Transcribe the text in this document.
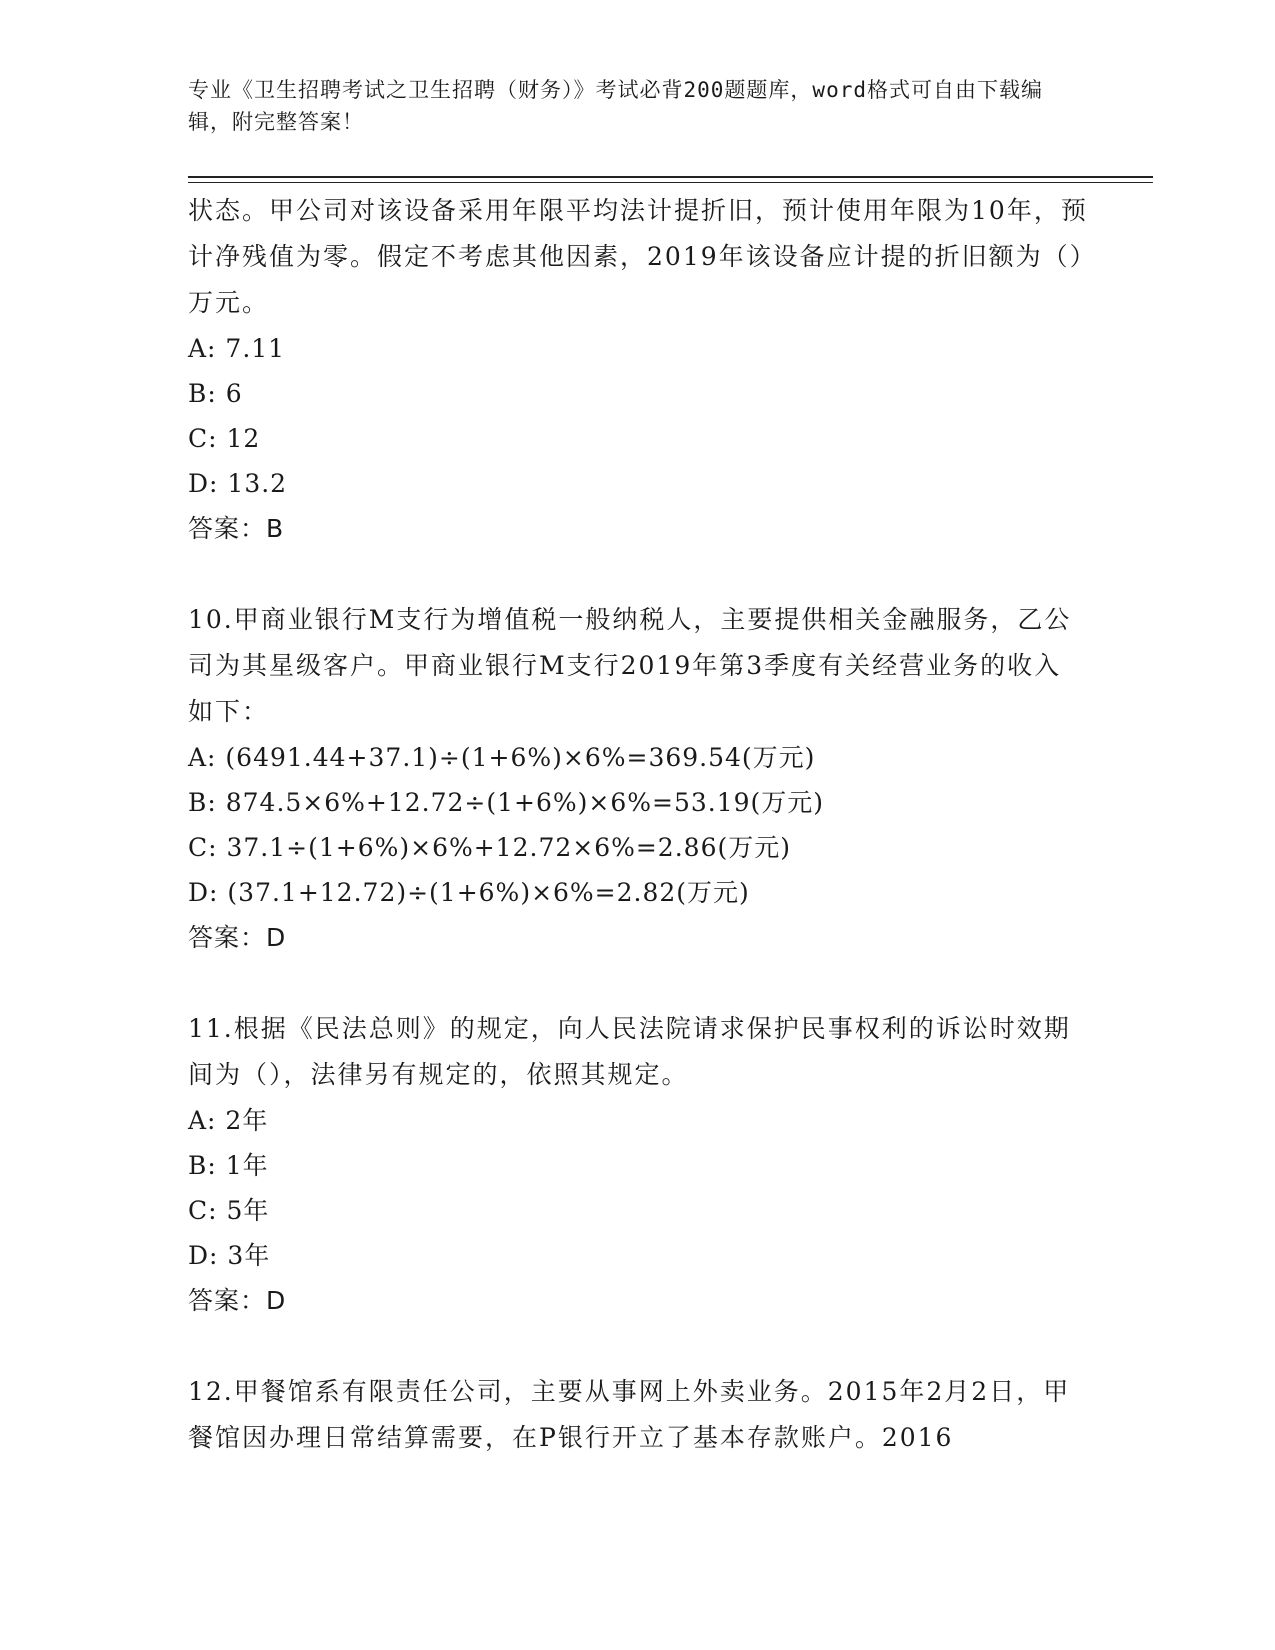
专业《卫生招聘考试之卫生招聘（财务）》考试必背200题题库，word格式可自由下载编辑，附完整答案！

状态。甲公司对该设备采用年限平均法计提折旧，预计使用年限为10年，预计净残值为零。假定不考虑其他因素，2019年该设备应计提的折旧额为（）万元。

A: 7.11

B: 6

C: 12

D: 13.2

答案：B

10.甲商业银行M支行为增值税一般纳税人，主要提供相关金融服务，乙公司为其星级客户。甲商业银行M支行2019年第3季度有关经营业务的收入如下：

A: (6491.44+37.1)÷(1+6%)×6%=369.54(万元)

B: 874.5×6%+12.72÷(1+6%)×6%=53.19(万元)

C: 37.1÷(1+6%)×6%+12.72×6%=2.86(万元)

D: (37.1+12.72)÷(1+6%)×6%=2.82(万元)

答案：D

11.根据《民法总则》的规定，向人民法院请求保护民事权利的诉讼时效期间为（），法律另有规定的，依照其规定。

A: 2年

B: 1年

C: 5年

D: 3年

答案：D

12.甲餐馆系有限责任公司，主要从事网上外卖业务。2015年2月2日，甲餐馆因办理日常结算需要，在P银行开立了基本存款账户。2016
